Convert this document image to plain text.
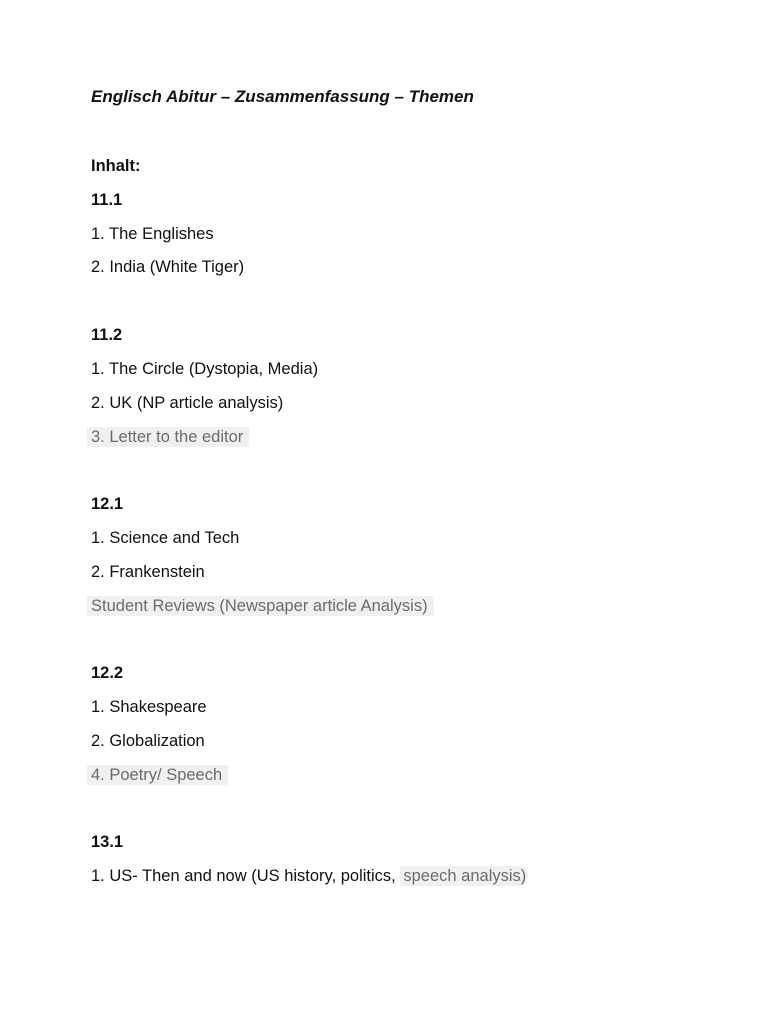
Englisch Abitur – Zusammenfassung – Themen
Inhalt:
11.1
1. The Englishes
2. India (White Tiger)
11.2
1. The Circle (Dystopia, Media)
2. UK (NP article analysis)
3. Letter to the editor
12.1
1. Science and Tech
2. Frankenstein
Student Reviews (Newspaper article Analysis)
12.2
1. Shakespeare
2. Globalization
4. Poetry/ Speech
13.1
1. US- Then and now (US history, politics, speech analysis)
